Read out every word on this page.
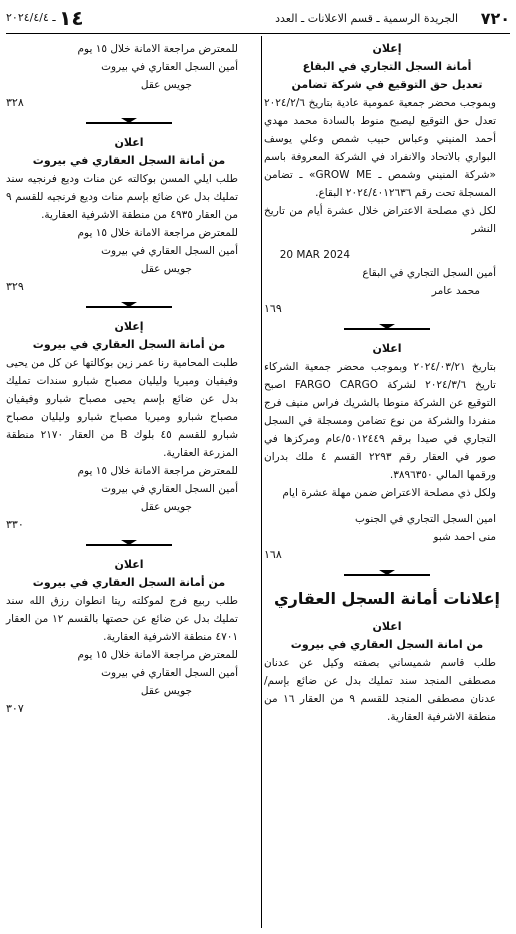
٧٢٠
الجريدة الرسمية ـ قسم الاعلانات ـ العدد
١٤ ـ ٢٠٢٤/٤/٤
إعلان
أمانة السجل التجاري في البقاع
تعديل حق التوقيع في شركة تضامن
وبموجب محضر جمعية عمومية عادية بتاريخ ٢٠٢٤/٢/٦ تعدل حق التوقيع ليصبح منوط بالسادة محمد مهدي أحمد المنيني وعباس حبيب شمص وعلي يوسف البواري بالاتحاد والانفراد في الشركة المعروفة باسم «شركة المنيني وشمص ـ GROW ME» ـ تضامن المسجلة تحت رقم ٢٠٢٤/٤٠١٢٦٣٦ البقاع.
لكل ذي مصلحة الاعتراض خلال عشرة أيام من تاريخ النشر
20 MAR 2024
أمين السجل التجاري في البقاع
محمد عامر
١٦٩
اعلان
بتاريخ ٢٠٢٤/٠٣/٢١ وبموجب محضر جمعية الشركاء تاريخ ٢٠٢٤/٣/٦ لشركة FARGO CARGO اصبح التوقيع عن الشركة منوطا بالشريك فراس منيف فرج منفردا والشركة من نوع تضامن ومسجلة في السجل التجاري في صيدا برقم ٥٠١٢٤٤٩/عام ومركزها في صور في العقار رقم ٢٢٩٣ القسم ٤ ملك بدران ورقمها المالي ٣٨٩٦٣٥٠.
ولكل ذي مصلحة الاعتراض ضمن مهلة عشرة ايام
امين السجل التجاري في الجنوب
منى احمد شبو
١٦٨
إعلانات أمانة السجل العقاري
اعلان
من امانة السجل العقاري في بيروت
طلب قاسم شميساني بصفته وكيل عن عدنان مصطفى المنجد سند تمليك بدل عن ضائع بإسم/ عدنان مصطفى المنجد للقسم ٩ من العقار ١٦ من منطقة الاشرفية العقارية.
للمعترض مراجعة الامانة خلال ١٥ يوم
أمين السجل العقاري في بيروت
جويس عقل
٣٢٨
اعلان
من أمانة السجل العقاري في بيروت
طلب ايلي المسن بوكالته عن منات وديع فرنجيه سند تمليك بدل عن ضائع بإسم منات وديع فرنجيه للقسم ٩ من العقار ٤٩٣٥ من منطقة الاشرفية العقارية.
للمعترض مراجعة الامانة خلال ١٥ يوم
أمين السجل العقاري في بيروت
جويس عقل
٣٢٩
إعلان
من أمانة السجل العقاري في بيروت
طلبت المحامية رنا عمر زين بوكالتها عن كل من يحيى وفيفيان وميريا وليليان مصباح شبارو سندات تمليك بدل عن ضائع بإسم يحيى مصباح شبارو وفيفيان مصباح شبارو وميريا مصباح شبارو وليليان مصباح شبارو للقسم ٤٥ بلوك B من العقار ٢١٧٠ منطقة المزرعة العقارية.
للمعترض مراجعة الامانة خلال ١٥ يوم
أمين السجل العقاري في بيروت
جويس عقل
٣٣٠
اعلان
من أمانة السجل العقاري في بيروت
طلب ربيع فرج لموكلته ريتا انطوان رزق الله سند تمليك بدل عن ضائع عن حصتها بالقسم ١٢ من العقار ٤٧٠١ منطقة الاشرفية العقارية.
للمعترض مراجعة الامانة خلال ١٥ يوم
أمين السجل العقاري في بيروت
جويس عقل
٣٠٧
